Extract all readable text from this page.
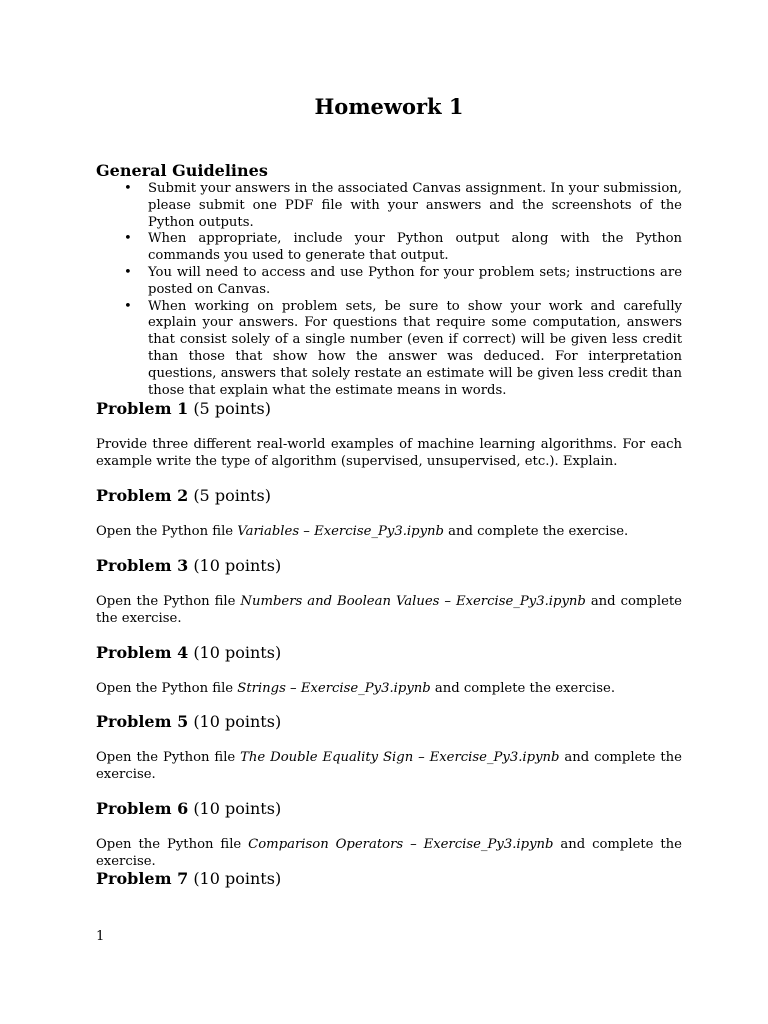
Homework 1
General Guidelines
• Submit your answers in the associated Canvas assignment. In your submission, please submit one PDF file with your answers and the screenshots of the Python outputs.
• When appropriate, include your Python output along with the Python commands you used to generate that output.
• You will need to access and use Python for your problem sets; instructions are posted on Canvas.
• When working on problem sets, be sure to show your work and carefully explain your answers. For questions that require some computation, answers that consist solely of a single number (even if correct) will be given less credit than those that show how the answer was deduced. For interpretation questions, answers that solely restate an estimate will be given less credit than those that explain what the estimate means in words.
Problem 1 (5 points)
Provide three different real-world examples of machine learning algorithms. For each example write the type of algorithm (supervised, unsupervised, etc.). Explain.
Problem 2 (5 points)
Open the Python file Variables – Exercise_Py3.ipynb and complete the exercise.
Problem 3 (10 points)
Open the Python file Numbers and Boolean Values – Exercise_Py3.ipynb and complete the exercise.
Problem 4 (10 points)
Open the Python file Strings – Exercise_Py3.ipynb and complete the exercise.
Problem 5 (10 points)
Open the Python file The Double Equality Sign – Exercise_Py3.ipynb and complete the exercise.
Problem 6 (10 points)
Open the Python file Comparison Operators – Exercise_Py3.ipynb and complete the exercise.
Problem 7 (10 points)
1
